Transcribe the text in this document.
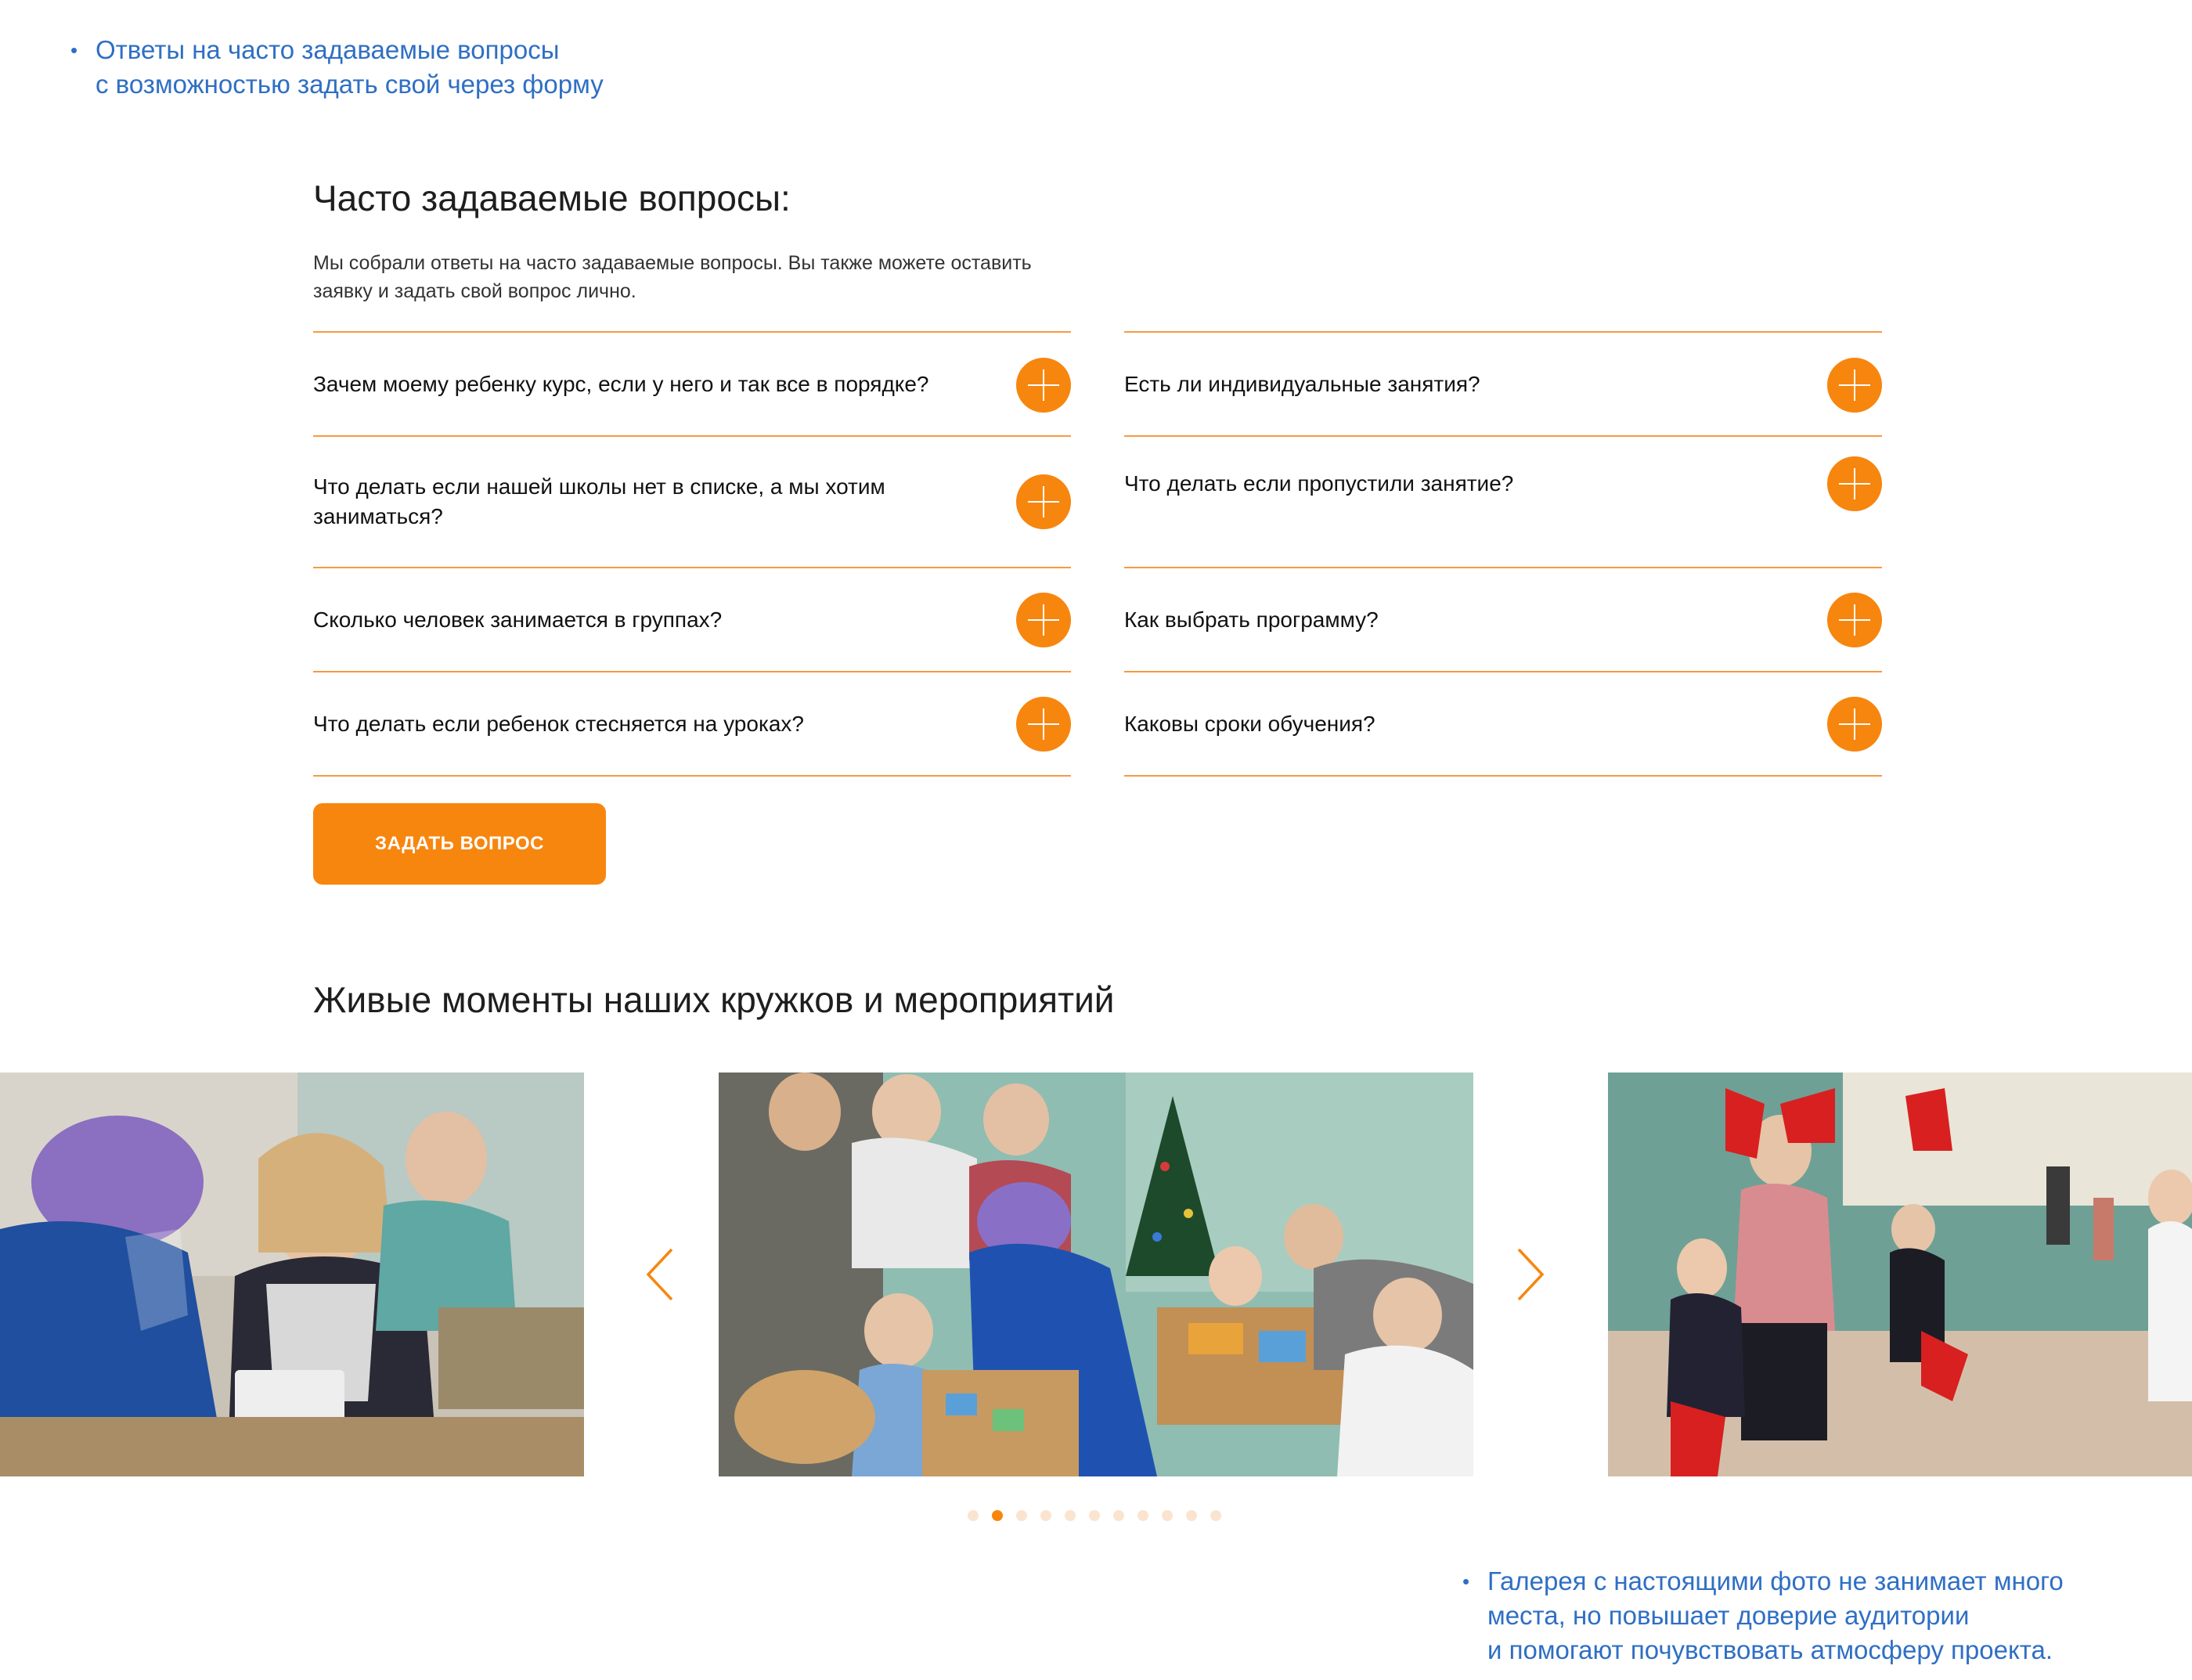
• Ответы на часто задаваемые вопросы

с возможностью задать свой через форму

Часто задаваемые вопросы:

Мы собрали ответы на часто задаваемые вопросы. Вы также можете оставить

заявку и задать свой вопрос лично.

Зачем моему ребенку курс, если у него и так все в порядке?

Что делать если нашей школы нет в списке, а мы хотим

заниматься?

Сколько человек занимается в группах?

Что делать если ребенок стесняется на уроках?

Есть ли индивидуальные занятия?

Что делать если пропустили занятие?

Как выбрать программу?

Каковы сроки обучения?

ЗАДАТЬ ВОПРОС
Живые моменты наших кружков и мероприятий

• Галерея с настоящими фото не занимает много

места, но повышает доверие аудитории

и помогают почувствовать атмосферу проекта.
